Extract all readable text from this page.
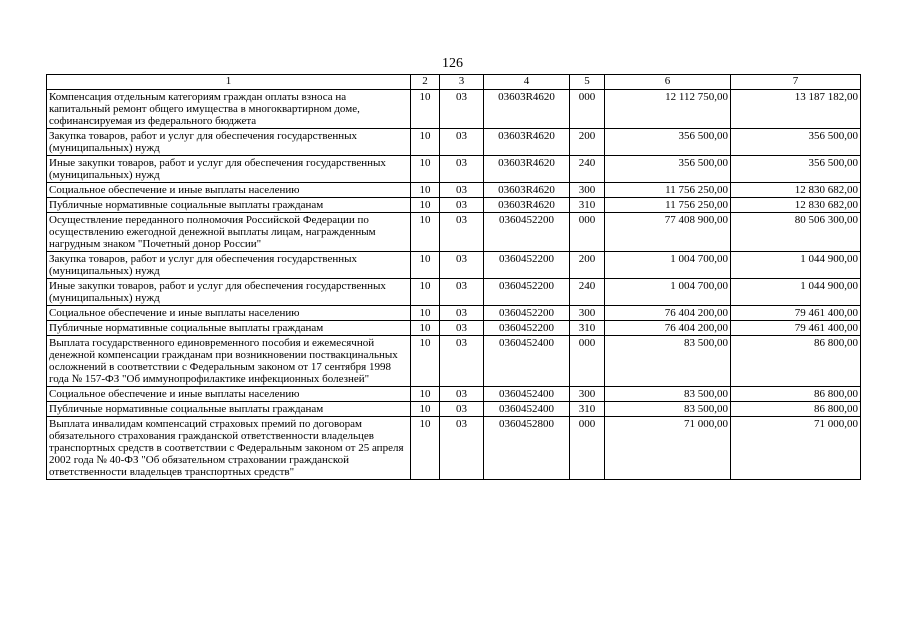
126
1	2	3	4	5	6	7
Компенсация отдельным категориям граждан оплаты взноса на капитальный ремонт общего имущества в многоквартирном доме, софинансируемая из федерального бюджета	10	03	03603R4620	000	12 112 750,00	13 187 182,00
Закупка товаров, работ и услуг для обеспечения государственных (муниципальных) нужд	10	03	03603R4620	200	356 500,00	356 500,00
Иные закупки товаров, работ и услуг для обеспечения государственных (муниципальных) нужд	10	03	03603R4620	240	356 500,00	356 500,00
Социальное обеспечение и иные выплаты населению	10	03	03603R4620	300	11 756 250,00	12 830 682,00
Публичные нормативные социальные выплаты гражданам	10	03	03603R4620	310	11 756 250,00	12 830 682,00
Осуществление переданного полномочия Российской Федерации по осуществлению ежегодной денежной выплаты лицам, награжденным нагрудным знаком "Почетный донор России"	10	03	0360452200	000	77 408 900,00	80 506 300,00
Закупка товаров, работ и услуг для обеспечения государственных (муниципальных) нужд	10	03	0360452200	200	1 004 700,00	1 044 900,00
Иные закупки товаров, работ и услуг для обеспечения государственных (муниципальных) нужд	10	03	0360452200	240	1 004 700,00	1 044 900,00
Социальное обеспечение и иные выплаты населению	10	03	0360452200	300	76 404 200,00	79 461 400,00
Публичные нормативные социальные выплаты гражданам	10	03	0360452200	310	76 404 200,00	79 461 400,00
Выплата государственного единовременного пособия и ежемесячной денежной компенсации гражданам при возникновении поствакцинальных осложнений в соответствии с Федеральным законом от 17 сентября 1998 года № 157-ФЗ "Об иммунопрофилактике инфекционных болезней"	10	03	0360452400	000	83 500,00	86 800,00
Социальное обеспечение и иные выплаты населению	10	03	0360452400	300	83 500,00	86 800,00
Публичные нормативные социальные выплаты гражданам	10	03	0360452400	310	83 500,00	86 800,00
Выплата инвалидам компенсаций страховых премий по договорам обязательного страхования гражданской ответственности владельцев транспортных средств в соответствии с Федеральным законом от 25 апреля 2002 года № 40-ФЗ "Об обязательном страховании гражданской ответственности владельцев транспортных средств"	10	03	0360452800	000	71 000,00	71 000,00
